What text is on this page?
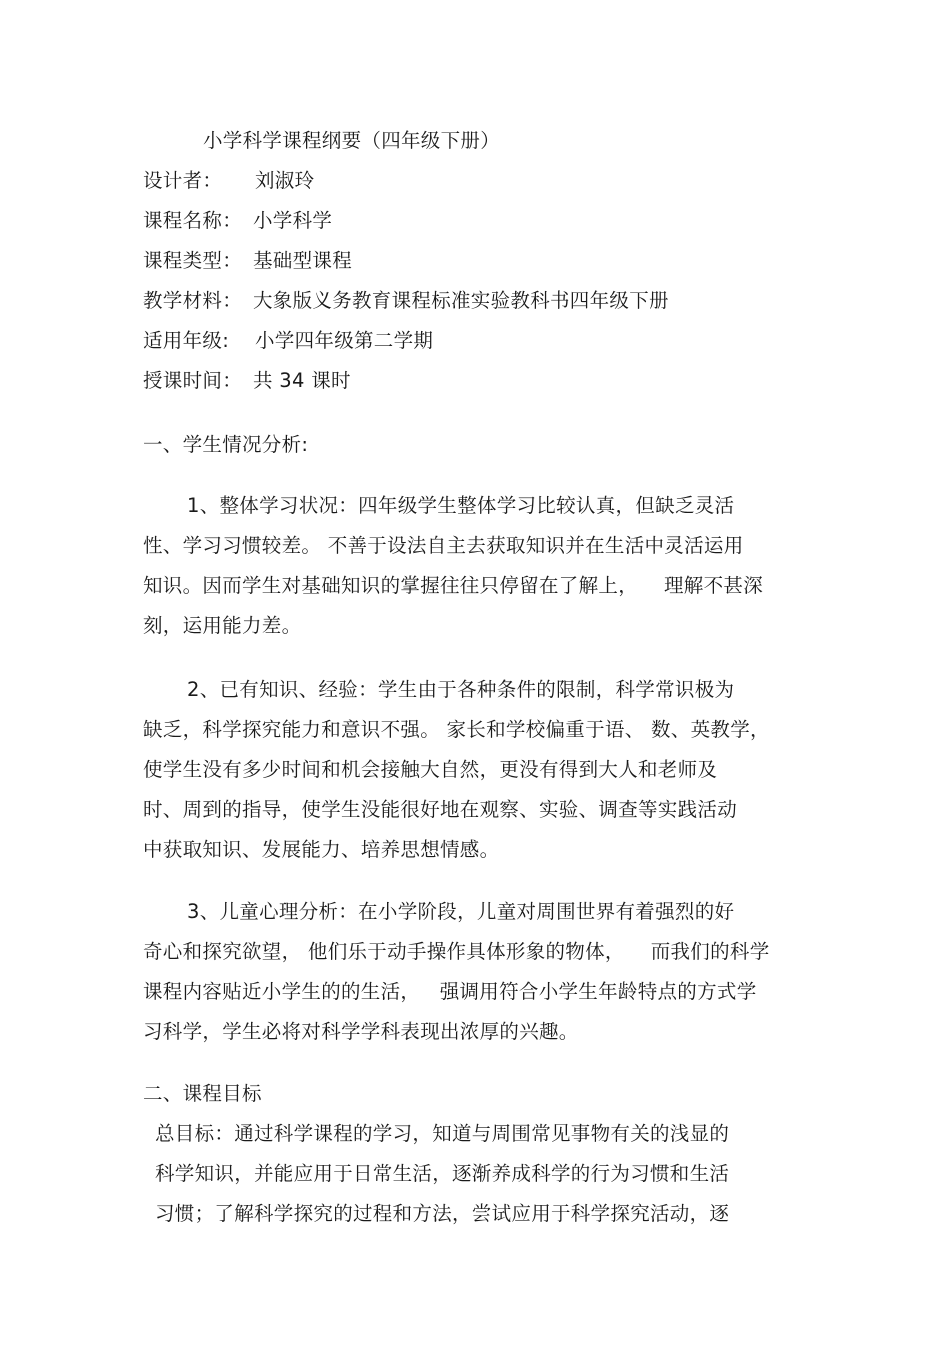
小学科学课程纲要（四年级下册）
设计者： 刘淑玲
课程名称： 小学科学
课程类型： 基础型课程
教学材料： 大象版义务教育课程标准实验教科书四年级下册
适用年级: 小学四年级第二学期
授课时间： 共 34 课时
一、学生情况分析:
1、整体学习状况：四年级学生整体学习比较认真，但缺乏灵活
性、学习习惯较差。 不善于设法自主去获取知识并在生活中灵活运用
知识。因而学生对基础知识的掌握往往只停留在了解上，    理解不甚深
刻，运用能力差。
2、已有知识、经验：学生由于各种条件的限制，科学常识极为
缺乏，科学探究能力和意识不强。 家长和学校偏重于语、 数、英教学，
使学生没有多少时间和机会接触大自然，更没有得到大人和老师及
时、周到的指导，使学生没能很好地在观察、实验、调查等实践活动
中获取知识、发展能力、培养思想情感。
3、儿童心理分析：在小学阶段，儿童对周围世界有着强烈的好
奇心和探究欲望， 他们乐于动手操作具体形象的物体，    而我们的科学
课程内容贴近小学生的的生活，   强调用符合小学生年龄特点的方式学
习科学，学生必将对科学学科表现出浓厚的兴趣。
二、课程目标
总目标：通过科学课程的学习，知道与周围常见事物有关的浅显的
科学知识，并能应用于日常生活，逐渐养成科学的行为习惯和生活
习惯；了解科学探究的过程和方法，尝试应用于科学探究活动，逐
